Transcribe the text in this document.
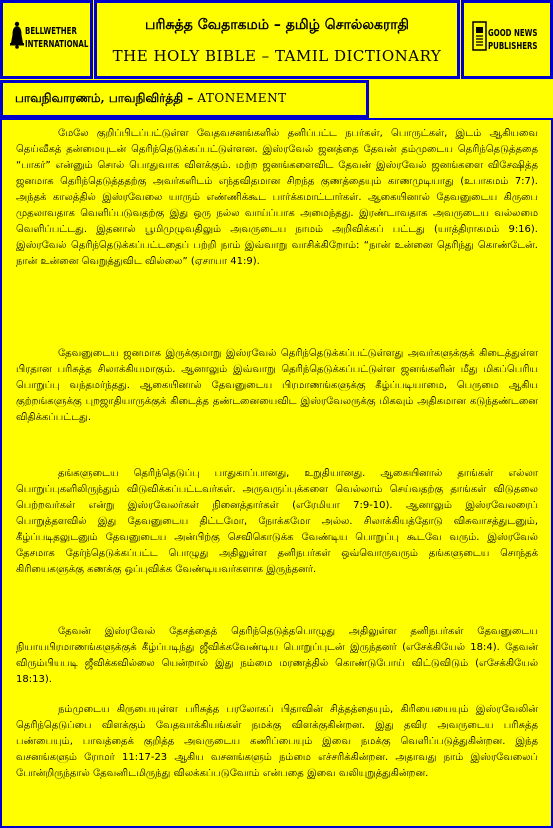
BELLWETHER
INTERNATIONAL
பரிசுத்த வேதாகமம் – தமிழ் சொல்லகராதி
THE HOLY BIBLE – TAMIL DICTIONARY
GOOD NEWS
PUBLISHERS
பாவநிவாரணம், பாவநிவிர்த்தி – ATONEMENT

மேலே குறிப்பிடப்பட்டுள்ள வேதவசனங்களில் தனிப்பட்ட நபர்கள், பொருட்கள், இடம் ஆகியவை தெய்வீகத் தன்மையுடன் தெரிந்தெடுக்கப்பட்டுள்ளன. இஸ்ரவேல் ஜனத்தை தேவன் தம்முடைய தெரிந்தெடுத்ததை “பாகர்” என்னும் சொல் பொதுவாக விளக்கும். மற்ற ஜனங்களைவிட தேவன் இஸ்ரவேல் ஜனங்களை விசேஷித்த ஜனமாக தெரிந்தெடுத்ததற்கு அவர்களிடம் எந்தவிதமான சிறந்த குணத்தையும் காணமுடியாது (உபாகமம் 7:7). அந்தக் காலத்தில் இஸ்ரவேலை யாரும் எண்ணிக்கூட பார்க்கமாட்டார்கள். ஆகையினால் தேவனுடைய கிருபை முதலாவதாக வெளிப்படுவதற்கு இது ஒரு நல்ல வாய்ப்பாக அமைந்தது. இரண்டாவதாக அவருடைய வல்லமை வெளிப்பட்டது. இதனால் பூமிமுழுவதிலும் அவருடைய நாமம் அறிவிக்கப் பட்டது (யாத்திராகமம் 9:16). இஸ்ரவேல் தெரிந்தெடுக்கப்பட்டதைப் பற்றி நாம் இவ்வாறு வாசிக்கிறோம்: “நான் உன்னை தெரிந்து கொண்டேன். நான் உன்னை வெறுத்துவிட வில்லை” (ஏசாயா 41:9).

தேவனுடைய ஜனமாக இருக்குமாறு இஸ்ரவேல் தெரிந்தெடுக்கப்பட்டுள்ளது அவர்களுக்குக் கிடைத்துள்ள பிரதான பரிசுத்த சிலாக்கியமாகும். ஆனாலும் இவ்வாறு தெரிந்தெடுக்கப்பட்டுள்ள ஜனங்களின் மீது மிகப்பெரிய பொறுப்பு வந்தமர்ந்தது. ஆகையினால் தேவனுடைய பிரமாணங்களுக்கு கீழ்ப்படியாமை, பெருமை ஆகிய குற்றங்களுக்கு புறஜாதியாருக்குக் கிடைத்த தண்டனையைவிட இஸ்ரவேலருக்கு மிகவும் அதிகமான கடுந்தண்டனை விதிக்கப்பட்டது.

தங்களுடைய தெரிந்தெடுப்பு பாதுகாப்பானது, உறுதியானது. ஆகையினால் தாங்கள் எல்லா பொறுப்புகளிலிருந்தும் விடுவிக்கப்பட்டவர்கள். அருவருப்புக்களை வெல்லாம் செய்வதற்கு தாங்கள் விடுதலை பெற்றவர்கள் என்று இஸ்ரவேலர்கள் நினைத்தார்கள் (எரேமியா 7:9-10). ஆனாலும் இஸ்ரவேலரைப் பொறுத்தளவில் இது தேவனுடைய திட்டமோ, நோக்கமோ அல்ல. சிலாக்கியத்தோடு விசுவாசத்துடனும், கீழ்ப்படிதலுடனும் தேவனுடைய அன்பிற்கு செவிகொடுக்க வேண்டிய பொறுப்பு கூடவே வரும். இஸ்ரவேல் தேசமாக தேர்ந்தெடுக்கப்பட்ட பொழுது அதிலுள்ள தனிநபர்கள் ஒவ்வொருவரும் தங்களுடைய சொந்தக் கிரியைகளுக்கு கணக்கு ஒப்புவிக்க வேண்டியவர்களாக இருந்தனர்.

தேவன் இஸ்ரவேல் தேசத்தைத் தெரிந்தெடுத்தபொழுது அதிலுள்ள தனிநபர்கள் தேவனுடைய நியாயபிரமாணங்களுக்குக் கீழ்ப்படிந்து ஜீவிக்கவேண்டிய பொறுப்புடன் இருந்தனர் (எசேக்கியேல் 18:4). தேவன் விரும்பியபடி ஜீவிக்கவில்லை யென்றால் இது நம்மை மரணத்தில் கொண்டுபோய் விட்டுவிடும் (எசேக்கியேல் 18:13).

நம்முடைய கிருபையுள்ள பரிசுத்த பரலோகப் பிதாவின் சித்தத்தையும், கிரியையையும் இஸ்ரவேலின் தெரிந்தெடுப்பை விளக்கும் வேதவாக்கியங்கள் நமக்கு விளக்குகின்றன. இது தவிர அவருடைய பரிசுத்த பண்பையும், பாவத்தைக் குறித்த அவருடைய கணிப்பையும் இவை நமக்கு வெளிப்படுத்துகின்றன. இந்த வசனங்களும் ரோமர் 11:17-23 ஆகிய வசனங்களும் நம்மை எச்சரிக்கின்றன. அதாவது நாம் இஸ்ரவேலைப் போன்றிருந்தால் தேவனிடமிருந்து விலக்கப்படுவோம் என்பதை இவை வலியுறுத்துகின்றன.
